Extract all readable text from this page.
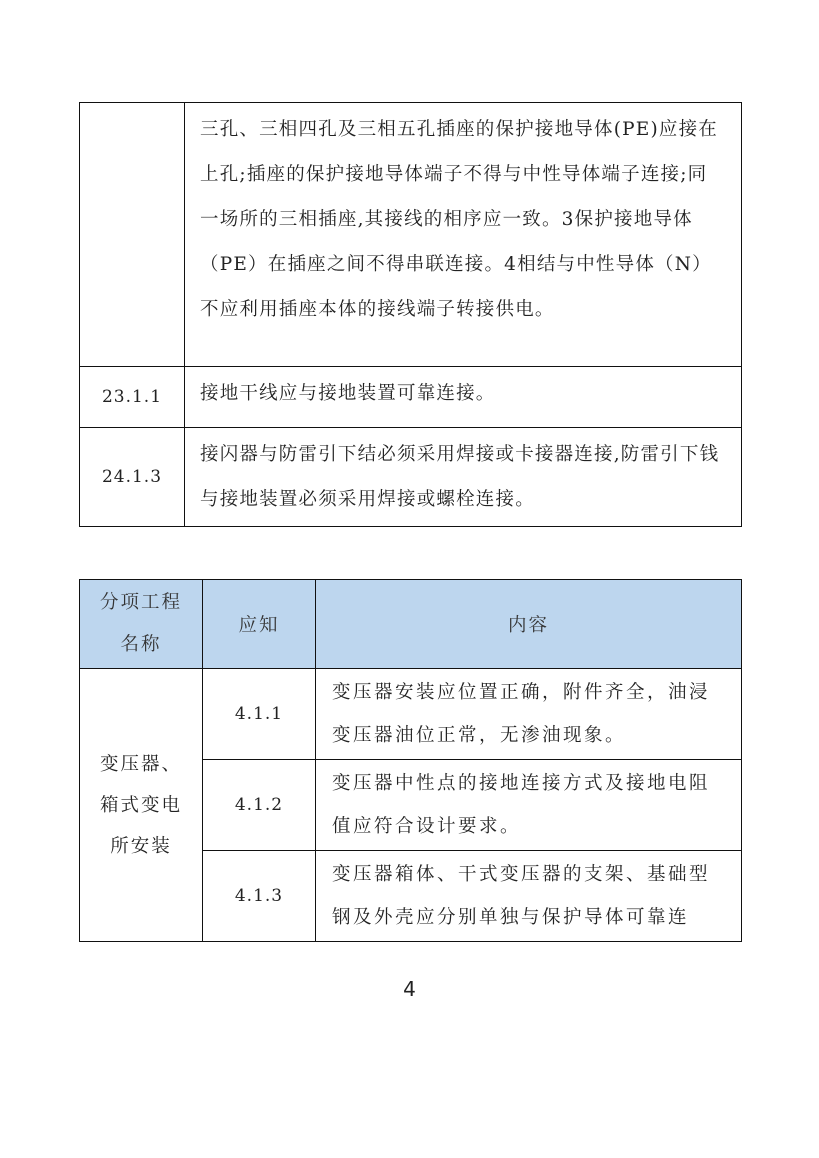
	三孔、三相四孔及三相五孔插座的保护接地导体(PE)应接在上孔;插座的保护接地导体端子不得与中性导体端子连接;同一场所的三相插座,其接线的相序应一致。3保护接地导体（PE）在插座之间不得串联连接。4相结与中性导体（N）不应利用插座本体的接线端子转接供电。
23.1.1	接地干线应与接地装置可靠连接。
24.1.3	接闪器与防雷引下结必须采用焊接或卡接器连接,防雷引下钱与接地装置必须采用焊接或螺栓连接。
分项工程名称	应知	内容

变压器、箱式变电所安装	4.1.1	变压器安装应位置正确，附件齐全，油浸变压器油位正常，无渗油现象。
	4.1.2	变压器中性点的接地连接方式及接地电阻值应符合设计要求。
	4.1.3	变压器箱体、干式变压器的支架、基础型钢及外壳应分别单独与保护导体可靠连
4
